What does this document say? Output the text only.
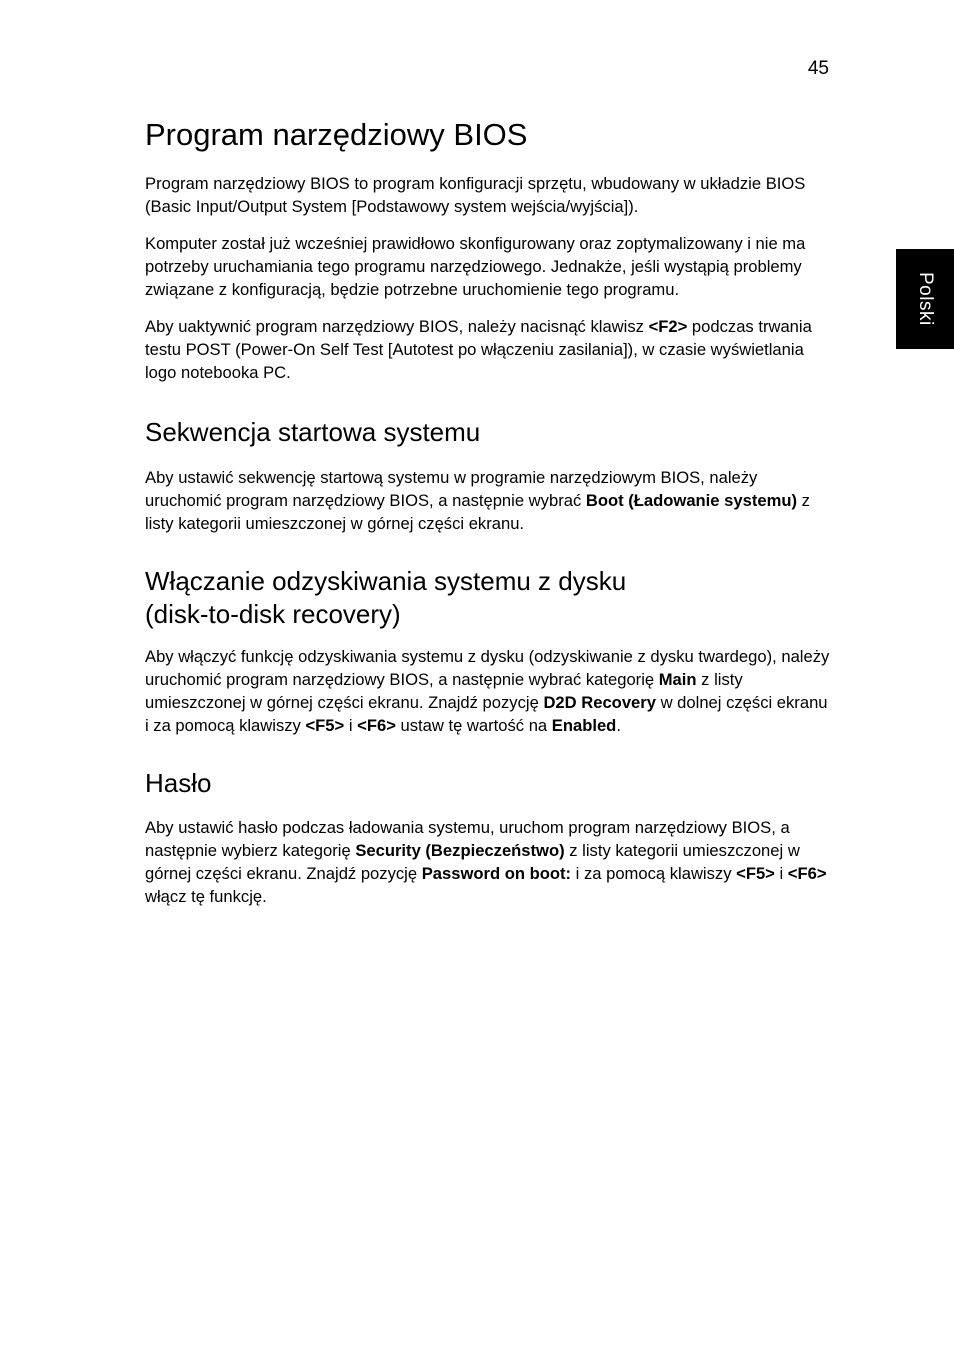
45
Polski
Program narzędziowy BIOS

Program narzędziowy BIOS to program konfiguracji sprzętu, wbudowany w układzie BIOS (Basic Input/Output System [Podstawowy system wejścia/wyjścia]).

Komputer został już wcześniej prawidłowo skonfigurowany oraz zoptymalizowany i nie ma potrzeby uruchamiania tego programu narzędziowego. Jednakże, jeśli wystąpią problemy związane z konfiguracją, będzie potrzebne uruchomienie tego programu.

Aby uaktywnić program narzędziowy BIOS, należy nacisnąć klawisz <F2> podczas trwania testu POST (Power-On Self Test [Autotest po włączeniu zasilania]), w czasie wyświetlania logo notebooka PC.

Sekwencja startowa systemu

Aby ustawić sekwencję startową systemu w programie narzędziowym BIOS, należy uruchomić program narzędziowy BIOS, a następnie wybrać Boot (Ładowanie systemu) z listy kategorii umieszczonej w górnej części ekranu.

Włączanie odzyskiwania systemu z dysku
(disk-to-disk recovery)

Aby włączyć funkcję odzyskiwania systemu z dysku (odzyskiwanie z dysku twardego), należy uruchomić program narzędziowy BIOS, a następnie wybrać kategorię Main z listy umieszczonej w górnej części ekranu. Znajdź pozycję D2D Recovery w dolnej części ekranu i za pomocą klawiszy <F5> i <F6> ustaw tę wartość na Enabled.

Hasło

Aby ustawić hasło podczas ładowania systemu, uruchom program narzędziowy BIOS, a następnie wybierz kategorię Security (Bezpieczeństwo) z listy kategorii umieszczonej w górnej części ekranu. Znajdź pozycję Password on boot: i za pomocą klawiszy <F5> i <F6> włącz tę funkcję.
